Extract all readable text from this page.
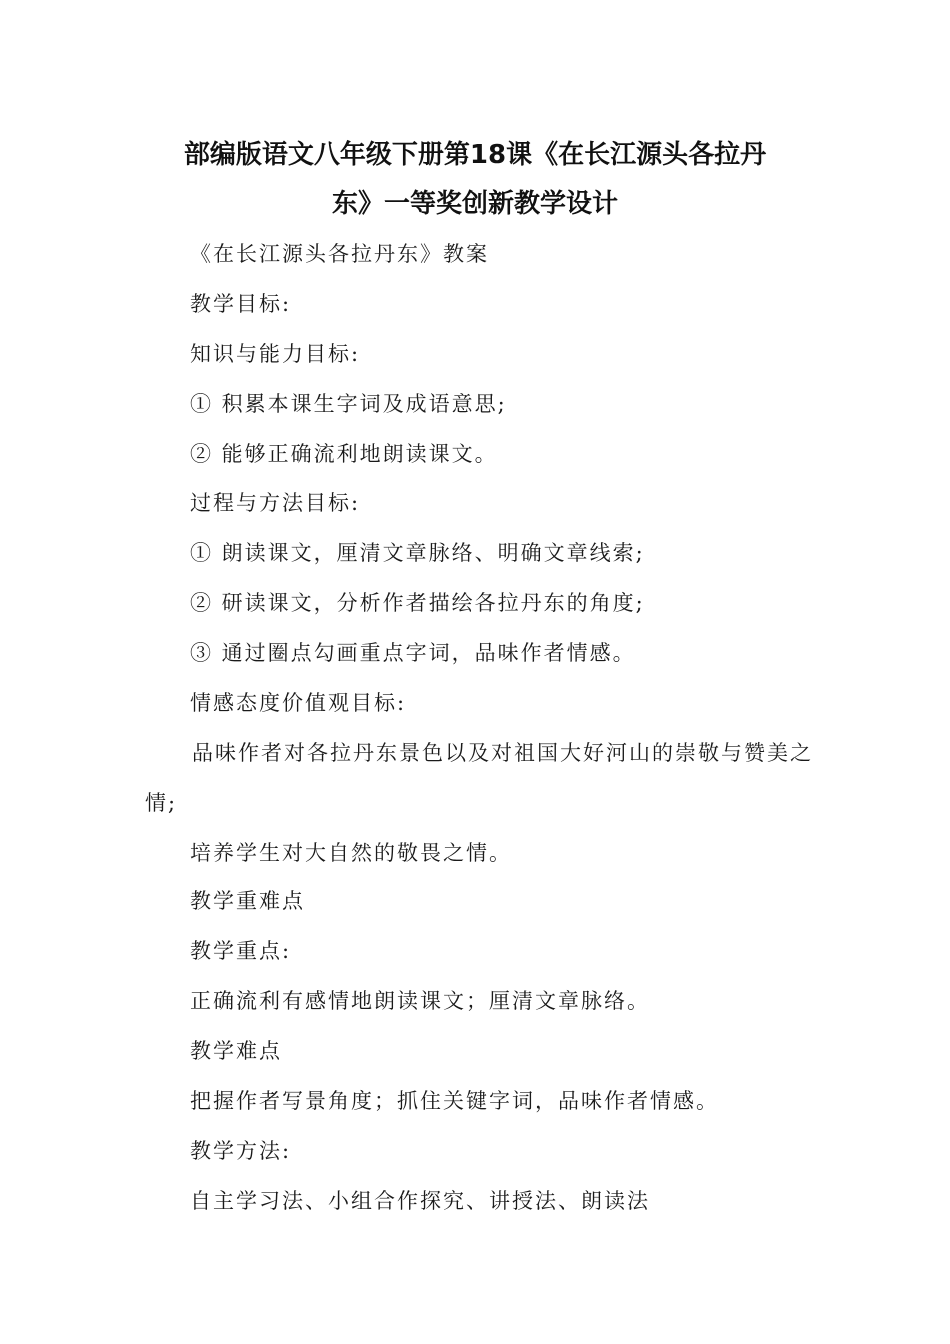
部编版语文八年级下册第18课《在长江源头各拉丹
东》一等奖创新教学设计
《在长江源头各拉丹东》教案
教学目标:
知识与能力目标:
① 积累本课生字词及成语意思;
② 能够正确流利地朗读课文。
过程与方法目标:
① 朗读课文，厘清文章脉络、明确文章线索;
② 研读课文，分析作者描绘各拉丹东的角度;
③ 通过圈点勾画重点字词，品味作者情感。
情感态度价值观目标:
品味作者对各拉丹东景色以及对祖国大好河山的崇敬与赞美之
情;
培养学生对大自然的敬畏之情。
教学重难点
教学重点:
正确流利有感情地朗读课文；厘清文章脉络。
教学难点
把握作者写景角度；抓住关键字词，品味作者情感。
教学方法:
自主学习法、小组合作探究、讲授法、朗读法
